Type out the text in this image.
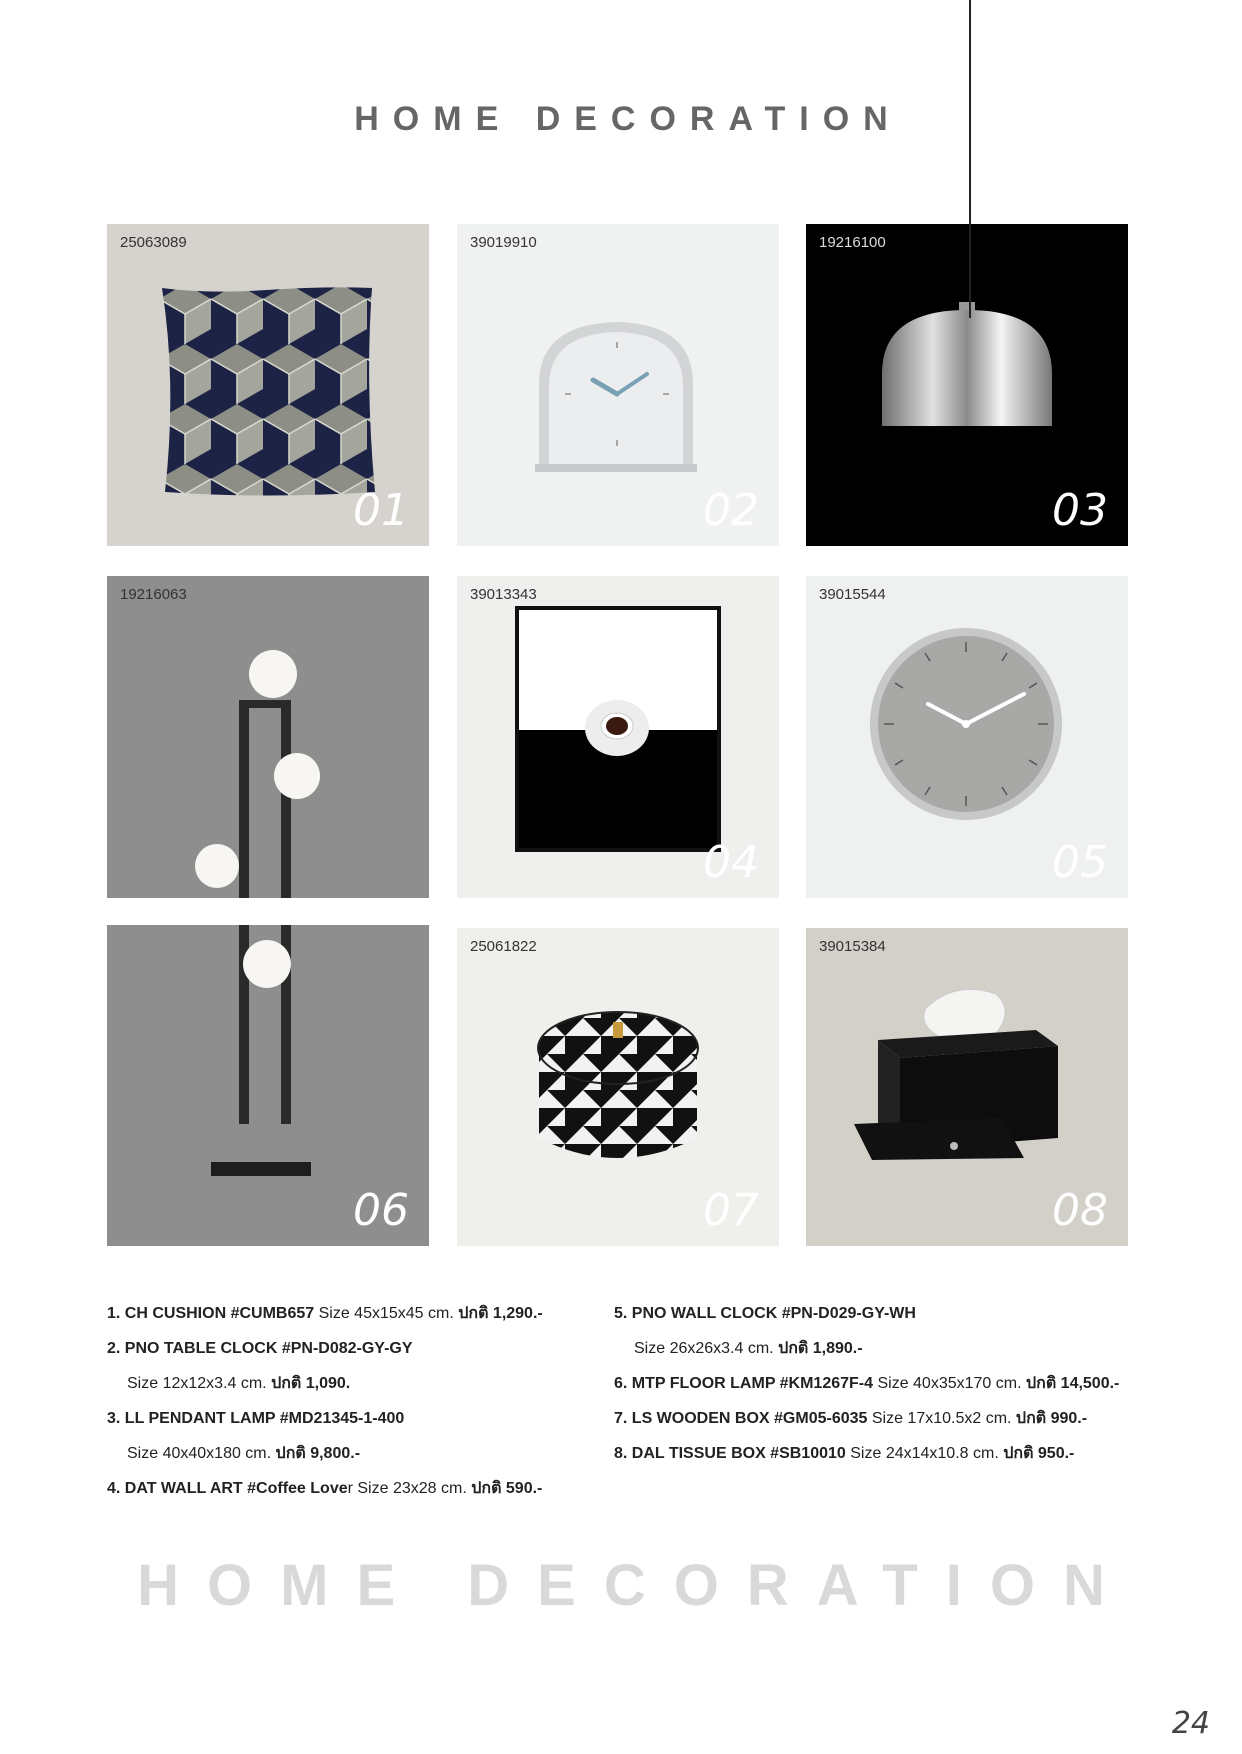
HOME DECORATION
25063089
01
39019910
02
19216100
03
19216063
06
39013343
04
39015544
05
25061822
07
39015384
08
1. CH CUSHION #CUMB657 Size 45x15x45 cm. ปกติ 1,290.-
2. PNO TABLE CLOCK #PN-D082-GY-GY
Size 12x12x3.4 cm. ปกติ 1,090.
3. LL PENDANT LAMP #MD21345-1-400
Size 40x40x180 cm. ปกติ 9,800.-
4. DAT WALL ART #Coffee Lover Size 23x28 cm. ปกติ 590.-
5. PNO WALL CLOCK #PN-D029-GY-WH
Size 26x26x3.4 cm. ปกติ 1,890.-
6. MTP FLOOR LAMP #KM1267F-4 Size 40x35x170 cm. ปกติ 14,500.-
7. LS WOODEN BOX #GM05-6035 Size 17x10.5x2 cm. ปกติ 990.-
8. DAL TISSUE BOX #SB10010 Size 24x14x10.8 cm. ปกติ 950.-
HOME DECORATION
24
